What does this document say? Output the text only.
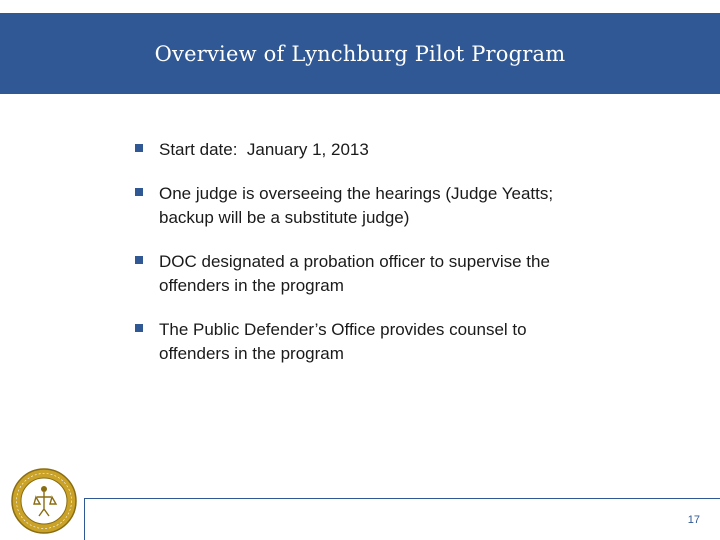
Overview of Lynchburg Pilot Program
Start date:  January 1, 2013
One judge is overseeing the hearings (Judge Yeatts;
backup will be a substitute judge)
DOC designated a probation officer to supervise the
offenders in the program
The Public Defender’s Office provides counsel to
offenders in the program
17
